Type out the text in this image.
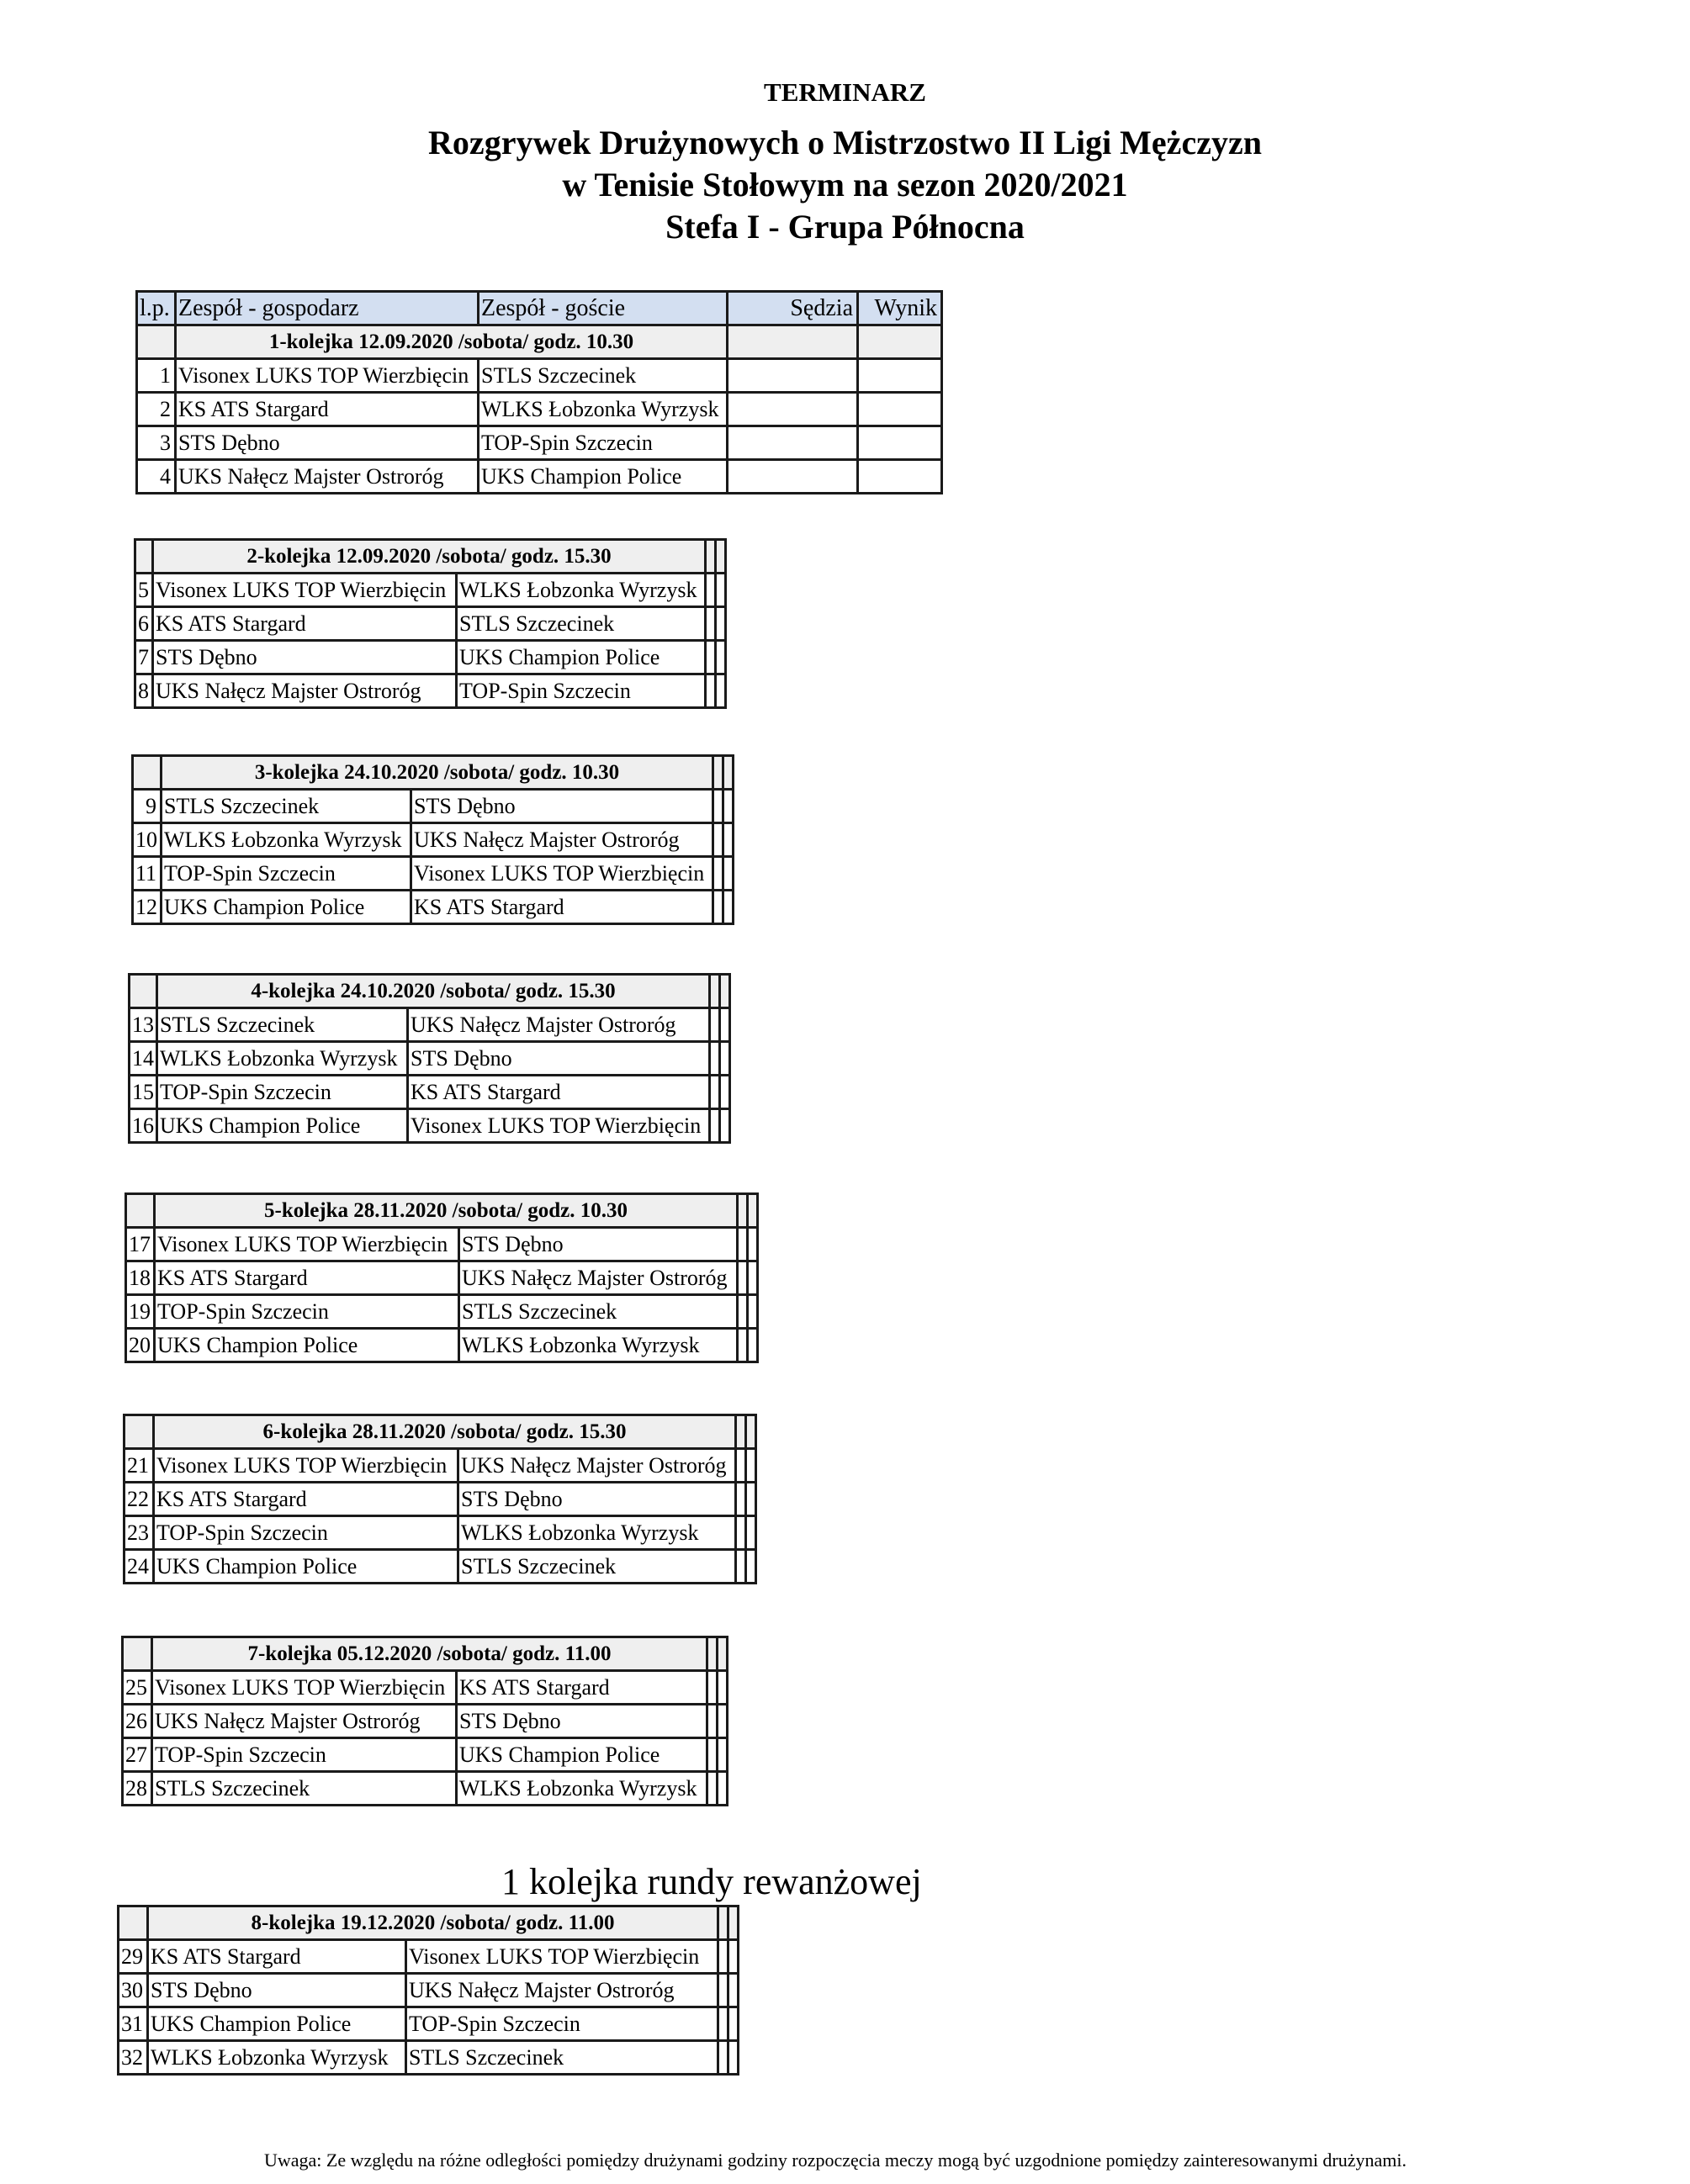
TERMINARZ
Rozgrywek Drużynowych o Mistrzostwo II Ligi Mężczyzn
w Tenisie Stołowym na sezon 2020/2021
Stefa I - Grupa Północna
l.p.	Zespół - gospodarz	Zespół - goście	Sędzia	Wynik
	1-kolejka 12.09.2020 /sobota/ godz. 10.30			
1	Visonex LUKS TOP Wierzbięcin	STLS Szczecinek		
2	KS ATS Stargard	WLKS Łobzonka Wyrzysk		
3	STS Dębno	TOP-Spin Szczecin		
4	UKS Nałęcz Majster Ostroróg	UKS Champion Police		
	2-kolejka 12.09.2020 /sobota/ godz. 15.30			
5	Visonex LUKS TOP Wierzbięcin	WLKS Łobzonka Wyrzysk		
6	KS ATS Stargard	STLS Szczecinek		
7	STS Dębno	UKS Champion Police		
8	UKS Nałęcz Majster Ostroróg	TOP-Spin Szczecin		
	3-kolejka 24.10.2020 /sobota/ godz. 10.30			
9	STLS Szczecinek	STS Dębno		
10	WLKS Łobzonka Wyrzysk	UKS Nałęcz Majster Ostroróg		
11	TOP-Spin Szczecin	Visonex LUKS TOP Wierzbięcin		
12	UKS Champion Police	KS ATS Stargard		
	4-kolejka 24.10.2020 /sobota/ godz. 15.30			
13	STLS Szczecinek	UKS Nałęcz Majster Ostroróg		
14	WLKS Łobzonka Wyrzysk	STS Dębno		
15	TOP-Spin Szczecin	KS ATS Stargard		
16	UKS Champion Police	Visonex LUKS TOP Wierzbięcin		
	5-kolejka 28.11.2020 /sobota/ godz. 10.30			
17	Visonex LUKS TOP Wierzbięcin	STS Dębno		
18	KS ATS Stargard	UKS Nałęcz Majster Ostroróg		
19	TOP-Spin Szczecin	STLS Szczecinek		
20	UKS Champion Police	WLKS Łobzonka Wyrzysk		
	6-kolejka 28.11.2020 /sobota/ godz. 15.30			
21	Visonex LUKS TOP Wierzbięcin	UKS Nałęcz Majster Ostroróg		
22	KS ATS Stargard	STS Dębno		
23	TOP-Spin Szczecin	WLKS Łobzonka Wyrzysk		
24	UKS Champion Police	STLS Szczecinek		
	7-kolejka 05.12.2020 /sobota/ godz. 11.00			
25	Visonex LUKS TOP Wierzbięcin	KS ATS Stargard		
26	UKS Nałęcz Majster Ostroróg	STS Dębno		
27	TOP-Spin Szczecin	UKS Champion Police		
28	STLS Szczecinek	WLKS Łobzonka Wyrzysk		
	8-kolejka 19.12.2020 /sobota/ godz. 11.00			
29	KS ATS Stargard	Visonex LUKS TOP Wierzbięcin		
30	STS Dębno	UKS Nałęcz Majster Ostroróg		
31	UKS Champion Police	TOP-Spin Szczecin		
32	WLKS Łobzonka Wyrzysk	STLS Szczecinek		
1 kolejka rundy rewanżowej
Uwaga: Ze względu na różne odległości pomiędzy drużynami godziny rozpoczęcia meczy mogą być uzgodnione pomiędzy zainteresowanymi drużynami.
